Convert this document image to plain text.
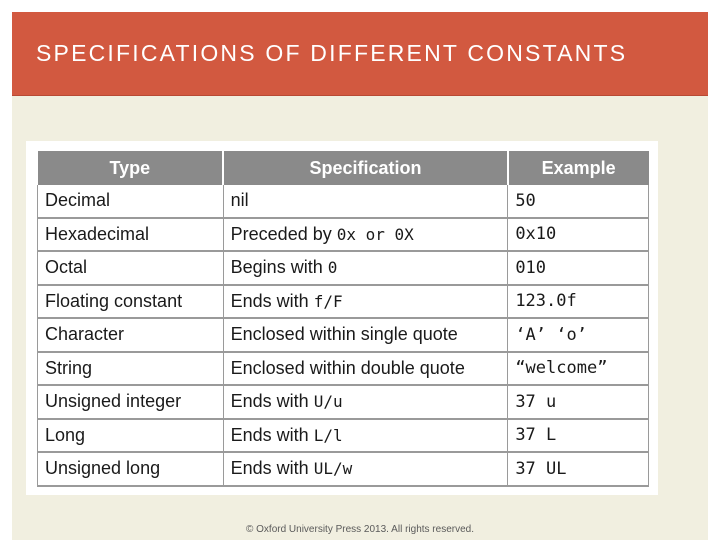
SPECIFICATIONS OF DIFFERENT CONSTANTS
Type	Specification	Example
Decimal	nil	50
Hexadecimal	Preceded by 0x or 0X	0x10
Octal	Begins with 0	010
Floating constant	Ends with f/F	123.0f
Character	Enclosed within single quote	‘A’ ‘o’
String	Enclosed within double quote	“welcome”
Unsigned integer	Ends with U/u	37 u
Long	Ends with L/l	37 L
Unsigned long	Ends with UL/w	37 UL
© Oxford University Press 2013. All rights reserved.
